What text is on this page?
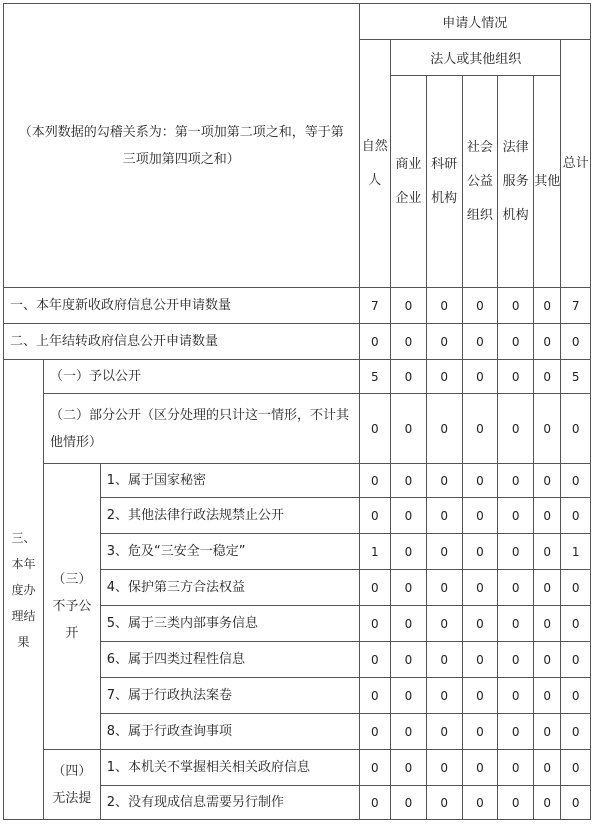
（本列数据的勾稽关系为：第一项加第二项之和，等于第三项加第四项之和）			申请人情况						
			自然人	法人或其他组织					总计
				商业企业	科研机构	社会公益组织	法律服务机构	其他	
一、本年度新收政府信息公开申请数量			7	0	0	0	0	0	7
二、上年结转政府信息公开申请数量			0	0	0	0	0	0	0
三、本年度办理结果	（一）予以公开		5	0	0	0	0	0	5
	（二）部分公开（区分处理的只计这一情形，不计其他情形）		0	0	0	0	0	0	0
	（三）不予公开	1、属于国家秘密	0	0	0	0	0	0	0
		2、其他法律行政法规禁止公开	0	0	0	0	0	0	0
		3、危及“三安全一稳定”	1	0	0	0	0	0	1
		4、保护第三方合法权益	0	0	0	0	0	0	0
		5、属于三类内部事务信息	0	0	0	0	0	0	0
		6、属于四类过程性信息	0	0	0	0	0	0	0
		7、属于行政执法案卷	0	0	0	0	0	0	0
		8、属于行政查询事项	0	0	0	0	0	0	0
	（四）无法提	1、本机关不掌握相关相关政府信息	0	0	0	0	0	0	0
		2、没有现成信息需要另行制作	0	0	0	0	0	0	0
